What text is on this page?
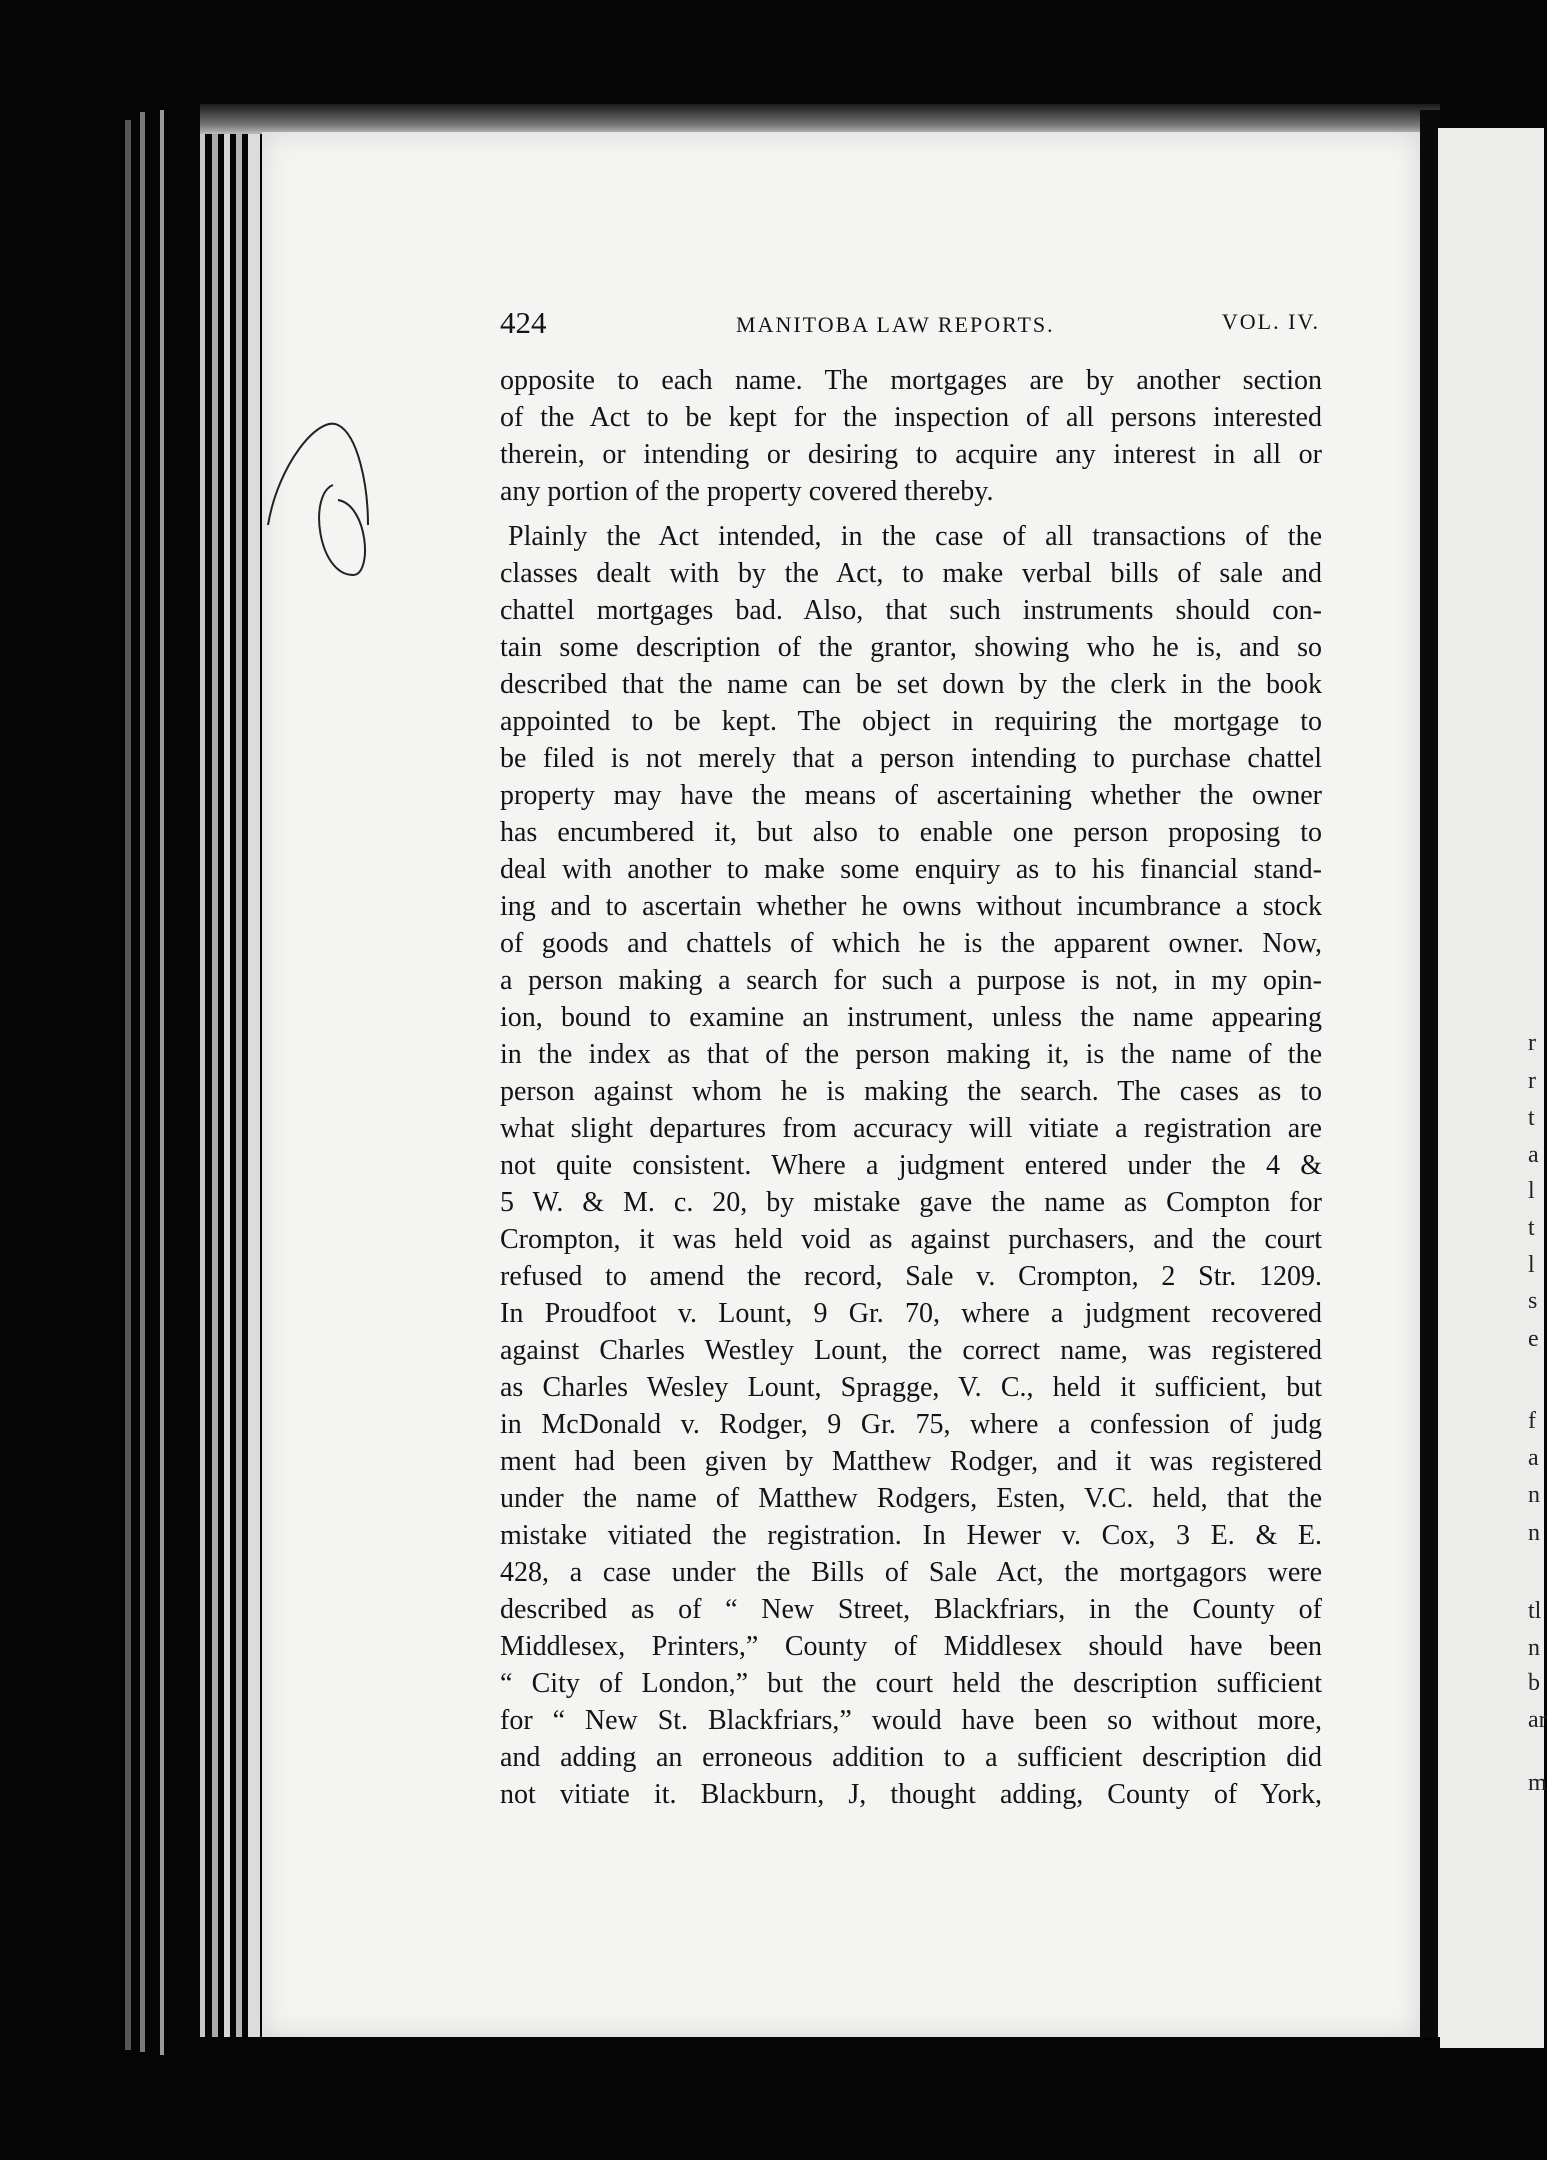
424	MANITOBA LAW REPORTS.	VOL. IV.
opposite to each name. The mortgages are by another section
of the Act to be kept for the inspection of all persons interested
therein, or intending or desiring to acquire any interest in all or
any portion of the property covered thereby.
Plainly the Act intended, in the case of all transactions of the
classes dealt with by the Act, to make verbal bills of sale and
chattel mortgages bad. Also, that such instruments should con-
tain some description of the grantor, showing who he is, and so
described that the name can be set down by the clerk in the book
appointed to be kept. The object in requiring the mortgage to
be filed is not merely that a person intending to purchase chattel
property may have the means of ascertaining whether the owner
has encumbered it, but also to enable one person proposing to
deal with another to make some enquiry as to his financial stand-
ing and to ascertain whether he owns without incumbrance a stock
of goods and chattels of which he is the apparent owner. Now,
a person making a search for such a purpose is not, in my opin-
ion, bound to examine an instrument, unless the name appearing
in the index as that of the person making it, is the name of the
person against whom he is making the search. The cases as to
what slight departures from accuracy will vitiate a registration are
not quite consistent. Where a judgment entered under the 4 &
5 W. & M. c. 20, by mistake gave the name as Compton for
Crompton, it was held void as against purchasers, and the court
refused to amend the record, Sale v. Crompton, 2 Str. 1209.
In Proudfoot v. Lount, 9 Gr. 70, where a judgment recovered
against Charles Westley Lount, the correct name, was registered
as Charles Wesley Lount, Spragge, V. C., held it sufficient, but
in McDonald v. Rodger, 9 Gr. 75, where a confession of judg
ment had been given by Matthew Rodger, and it was registered
under the name of Matthew Rodgers, Esten, V.C. held, that the
mistake vitiated the registration. In Hewer v. Cox, 3 E. & E.
428, a case under the Bills of Sale Act, the mortgagors were
described as of “ New Street, Blackfriars, in the County of
Middlesex, Printers,” County of Middlesex should have been
“ City of London,” but the court held the description sufficient
for “ New St. Blackfriars,” would have been so without more,
and adding an erroneous addition to a sufficient description did
not vitiate it. Blackburn, J, thought adding, County of York,
r
r
t
a
l
t
l
s
e
f
a
n
n
tl
n
b
ar
m
